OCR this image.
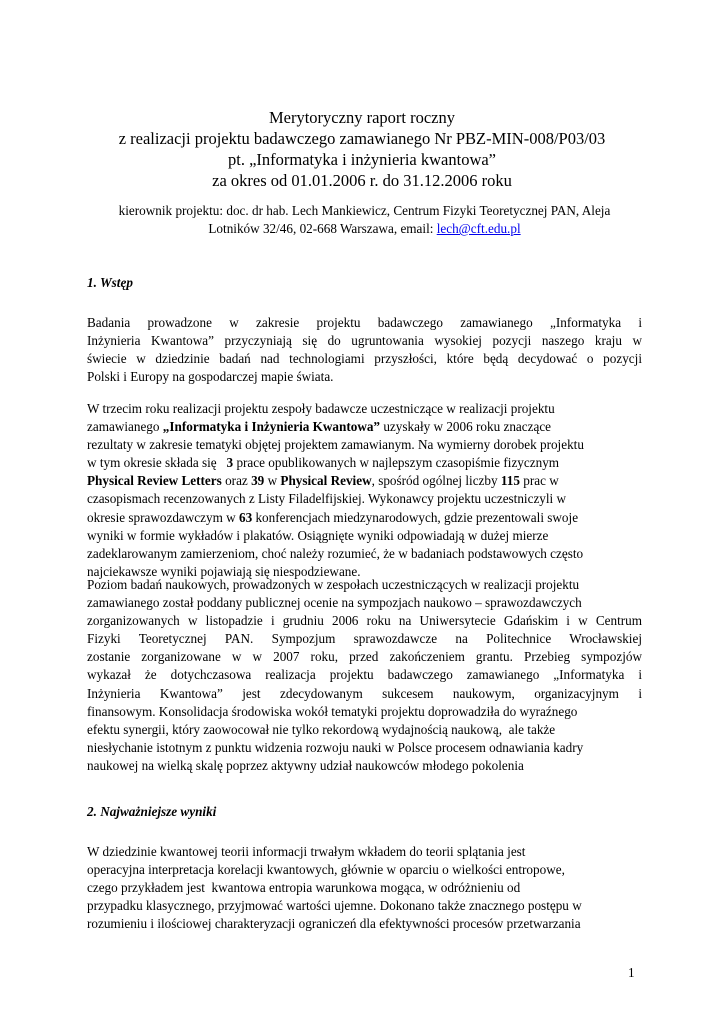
Merytoryczny raport roczny
z realizacji projektu badawczego zamawianego Nr PBZ-MIN-008/P03/03
pt. „Informatyka i inżynieria kwantowa”
za okres od 01.01.2006 r. do 31.12.2006 roku
kierownik projektu: doc. dr hab. Lech Mankiewicz, Centrum Fizyki Teoretycznej PAN, Aleja
Lotników 32/46, 02-668 Warszawa, email: lech@cft.edu.pl
1. Wstęp
Badania prowadzone w zakresie projektu badawczego zamawianego „Informatyka i
Inżynieria Kwantowa” przyczyniają się do ugruntowania wysokiej pozycji naszego kraju w
świecie w dziedzinie badań nad technologiami przyszłości, które będą decydować o pozycji
Polski i Europy na gospodarczej mapie świata.
W trzecim roku realizacji projektu zespoły badawcze uczestniczące w realizacji projektu
zamawianego „Informatyka i Inżynieria Kwantowa” uzyskały w 2006 roku znaczące
rezultaty w zakresie tematyki objętej projektem zamawianym. Na wymierny dorobek projektu
w tym okresie składa się   3 prace opublikowanych w najlepszym czasopiśmie fizycznym
Physical Review Letters oraz 39 w Physical Review, spośród ogólnej liczby 115 prac w
czasopismach recenzowanych z Listy Filadelfijskiej. Wykonawcy projektu uczestniczyli w
okresie sprawozdawczym w 63 konferencjach miedzynarodowych, gdzie prezentowali swoje
wyniki w formie wykładów i plakatów. Osiągnięte wyniki odpowiadają w dużej mierze
zadeklarowanym zamierzeniom, choć należy rozumieć, że w badaniach podstawowych często
najciekawsze wyniki pojawiają się niespodziewane.
Poziom badań naukowych, prowadzonych w zespołach uczestniczących w realizacji projektu
zamawianego został poddany publicznej ocenie na sympozjach naukowo – sprawozdawczych
zorganizowanych w listopadzie i grudniu 2006 roku na Uniwersytecie Gdańskim i w Centrum
Fizyki Teoretycznej PAN. Sympozjum sprawozdawcze na Politechnice Wrocławskiej
zostanie zorganizowane w w 2007 roku, przed zakończeniem grantu. Przebieg sympozjów
wykazał że dotychczasowa realizacja projektu badawczego zamawianego „Informatyka i
Inżynieria Kwantowa” jest zdecydowanym sukcesem naukowym, organizacyjnym i
finansowym. Konsolidacja środowiska wokół tematyki projektu doprowadziła do wyraźnego
efektu synergii, który zaowocował nie tylko rekordową wydajnością naukową,  ale także
niesłychanie istotnym z punktu widzenia rozwoju nauki w Polsce procesem odnawiania kadry
naukowej na wielką skalę poprzez aktywny udział naukowców młodego pokolenia
2. Najważniejsze wyniki
W dziedzinie kwantowej teorii informacji trwałym wkładem do teorii splątania jest
operacyjna interpretacja korelacji kwantowych, głównie w oparciu o wielkości entropowe,
czego przykładem jest  kwantowa entropia warunkowa mogąca, w odróżnieniu od
przypadku klasycznego, przyjmować wartości ujemne. Dokonano także znacznego postępu w
rozumieniu i ilościowej charakteryzacji ograniczeń dla efektywności procesów przetwarzania
1
